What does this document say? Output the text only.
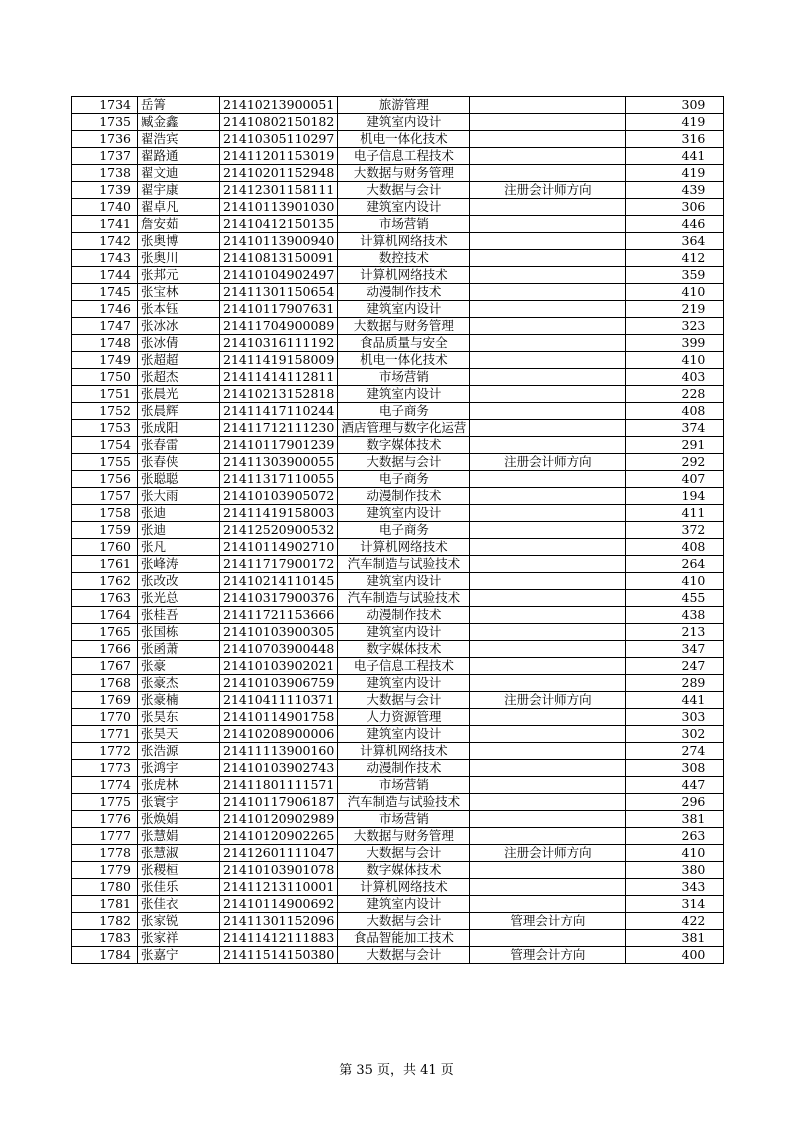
1734	岳箐	21410213900051	旅游管理		309
1735	臧金鑫	21410802150182	建筑室内设计		419
1736	翟浩宾	21410305110297	机电一体化技术		316
1737	翟路通	21411201153019	电子信息工程技术		441
1738	翟文迪	21410201152948	大数据与财务管理		419
1739	翟宇康	21412301158111	大数据与会计	注册会计师方向	439
1740	翟卓凡	21410113901030	建筑室内设计		306
1741	詹安茹	21410412150135	市场营销		446
1742	张奥博	21410113900940	计算机网络技术		364
1743	张奥川	21410813150091	数控技术		412
1744	张邦元	21410104902497	计算机网络技术		359
1745	张宝林	21411301150654	动漫制作技术		410
1746	张本钰	21410117907631	建筑室内设计		219
1747	张冰冰	21411704900089	大数据与财务管理		323
1748	张冰倩	21410316111192	食品质量与安全		399
1749	张超超	21411419158009	机电一体化技术		410
1750	张超杰	21411414112811	市场营销		403
1751	张晨光	21410213152818	建筑室内设计		228
1752	张晨辉	21411417110244	电子商务		408
1753	张成阳	21411712111230	酒店管理与数字化运营		374
1754	张春雷	21410117901239	数字媒体技术		291
1755	张春侠	21411303900055	大数据与会计	注册会计师方向	292
1756	张聪聪	21411317110055	电子商务		407
1757	张大雨	21410103905072	动漫制作技术		194
1758	张迪	21411419158003	建筑室内设计		411
1759	张迪	21412520900532	电子商务		372
1760	张凡	21410114902710	计算机网络技术		408
1761	张峰涛	21411717900172	汽车制造与试验技术		264
1762	张改改	21410214110145	建筑室内设计		410
1763	张光总	21410317900376	汽车制造与试验技术		455
1764	张桂吾	21411721153666	动漫制作技术		438
1765	张国栋	21410103900305	建筑室内设计		213
1766	张函萧	21410703900448	数字媒体技术		347
1767	张豪	21410103902021	电子信息工程技术		247
1768	张豪杰	21410103906759	建筑室内设计		289
1769	张豪楠	21410411110371	大数据与会计	注册会计师方向	441
1770	张昊东	21410114901758	人力资源管理		303
1771	张昊天	21410208900006	建筑室内设计		302
1772	张浩源	21411113900160	计算机网络技术		274
1773	张鸿宇	21410103902743	动漫制作技术		308
1774	张虎林	21411801111571	市场营销		447
1775	张寰宇	21410117906187	汽车制造与试验技术		296
1776	张焕娟	21410120902989	市场营销		381
1777	张慧娟	21410120902265	大数据与财务管理		263
1778	张慧淑	21412601111047	大数据与会计	注册会计师方向	410
1779	张稷桓	21410103901078	数字媒体技术		380
1780	张佳乐	21411213110001	计算机网络技术		343
1781	张佳衣	21410114900692	建筑室内设计		314
1782	张家锐	21411301152096	大数据与会计	管理会计方向	422
1783	张家祥	21411412111883	食品智能加工技术		381
1784	张嘉宁	21411514150380	大数据与会计	管理会计方向	400
第 35 页，共 41 页
